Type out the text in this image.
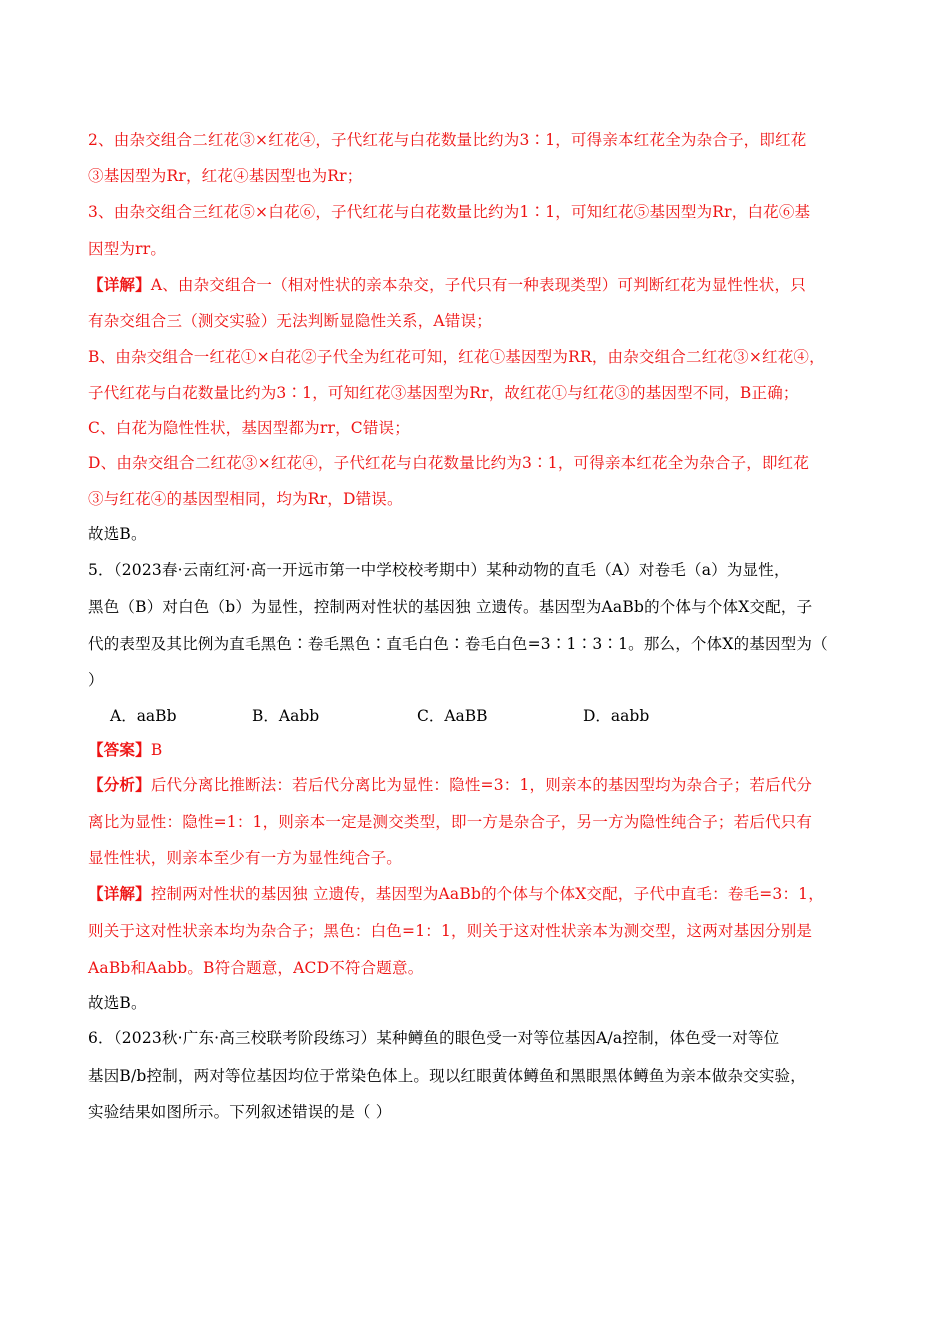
2、由杂交组合二红花③×红花④，子代红花与白花数量比约为3∶1，可得亲本红花全为杂合子，即红花
③基因型为Rr，红花④基因型也为Rr；
3、由杂交组合三红花⑤×白花⑥，子代红花与白花数量比约为1∶1，可知红花⑤基因型为Rr，白花⑥基
因型为rr。
【详解】A、由杂交组合一（相对性状的亲本杂交，子代只有一种表现类型）可判断红花为显性性状，只
有杂交组合三（测交实验）无法判断显隐性关系，A错误；
B、由杂交组合一红花①×白花②子代全为红花可知，红花①基因型为RR，由杂交组合二红花③×红花④，
子代红花与白花数量比约为3∶1，可知红花③基因型为Rr，故红花①与红花③的基因型不同，B正确；
C、白花为隐性性状，基因型都为rr，C错误；
D、由杂交组合二红花③×红花④，子代红花与白花数量比约为3∶1，可得亲本红花全为杂合子，即红花
③与红花④的基因型相同，均为Rr，D错误。
故选B。
5．（2023春·云南红河·高一开远市第一中学校校考期中）某种动物的直毛（A）对卷毛（a）为显性，
黑色（B）对白色（b）为显性，控制两对性状的基因独 立遗传。基因型为AaBb的个体与个体X交配，子
代的表型及其比例为直毛黑色∶卷毛黑色∶直毛白色∶卷毛白色=3∶1∶3∶1。那么，个体X的基因型为（
）
A．aaBb	B．Aabb	C．AaBB	D．aabb
【答案】B
【分析】后代分离比推断法：若后代分离比为显性：隐性=3：1，则亲本的基因型均为杂合子；若后代分
离比为显性：隐性=1：1，则亲本一定是测交类型，即一方是杂合子，另一方为隐性纯合子；若后代只有
显性性状，则亲本至少有一方为显性纯合子。
【详解】控制两对性状的基因独 立遗传，基因型为AaBb的个体与个体X交配，子代中直毛：卷毛=3：1，
则关于这对性状亲本均为杂合子；黑色：白色=1：1，则关于这对性状亲本为测交型，这两对基因分别是
AaBb和Aabb。B符合题意，ACD不符合题意。
故选B。
6．（2023秋·广东·高三校联考阶段练习）某种鳟鱼的眼色受一对等位基因A/a控制，体色受一对等位
基因B/b控制，两对等位基因均位于常染色体上。现以红眼黄体鳟鱼和黑眼黑体鳟鱼为亲本做杂交实验，
实验结果如图所示。下列叙述错误的是（ ）
